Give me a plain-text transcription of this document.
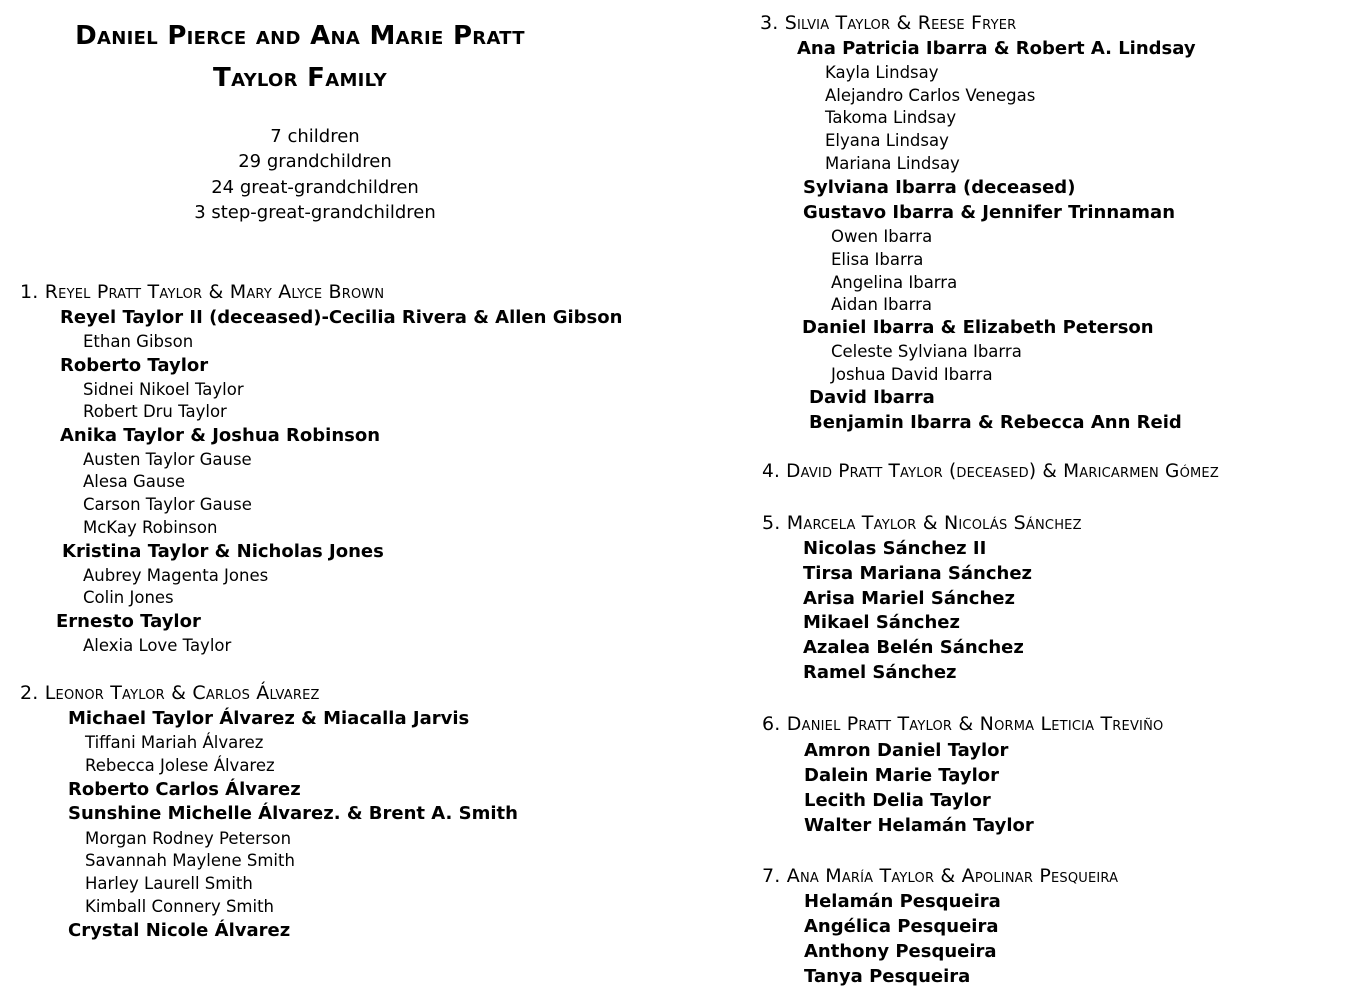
Daniel Pierce and Ana Marie Pratt
Taylor Family
7 children
29 grandchildren
24 great-grandchildren
3 step-great-grandchildren
1. Reyel Pratt Taylor & Mary Alyce Brown
Reyel Taylor II (deceased)-Cecilia Rivera & Allen Gibson
Ethan Gibson
Roberto Taylor
Sidnei Nikoel Taylor
Robert Dru Taylor
Anika Taylor & Joshua Robinson
Austen Taylor Gause
Alesa Gause
Carson Taylor Gause
McKay Robinson
Kristina Taylor & Nicholas Jones
Aubrey Magenta Jones
Colin Jones
Ernesto Taylor
Alexia Love Taylor
2. Leonor Taylor & Carlos Álvarez
Michael Taylor Álvarez & Miacalla Jarvis
Tiffani Mariah Álvarez
Rebecca Jolese Álvarez
Roberto Carlos Álvarez
Sunshine Michelle Álvarez. & Brent A. Smith
Morgan Rodney Peterson
Savannah Maylene Smith
Harley Laurell Smith
Kimball Connery Smith
Crystal Nicole Álvarez
3. Silvia Taylor & Reese Fryer
Ana Patricia Ibarra & Robert A. Lindsay
Kayla Lindsay
Alejandro Carlos Venegas
Takoma Lindsay
Elyana Lindsay
Mariana Lindsay
Sylviana Ibarra (deceased)
Gustavo Ibarra & Jennifer Trinnaman
Owen Ibarra
Elisa Ibarra
Angelina Ibarra
Aidan Ibarra
Daniel Ibarra & Elizabeth Peterson
Celeste Sylviana Ibarra
Joshua David Ibarra
David Ibarra
Benjamin Ibarra & Rebecca Ann Reid
4. David Pratt Taylor (deceased) & Maricarmen Gómez
5. Marcela Taylor & Nicolás Sánchez
Nicolas Sánchez II
Tirsa Mariana Sánchez
Arisa Mariel Sánchez
Mikael Sánchez
Azalea Belén Sánchez
Ramel Sánchez
6. Daniel Pratt Taylor & Norma Leticia Treviño
Amron Daniel Taylor
Dalein Marie Taylor
Lecith Delia Taylor
Walter Helamán Taylor
7. Ana María Taylor & Apolinar Pesqueira
Helamán Pesqueira
Angélica Pesqueira
Anthony Pesqueira
Tanya Pesqueira
